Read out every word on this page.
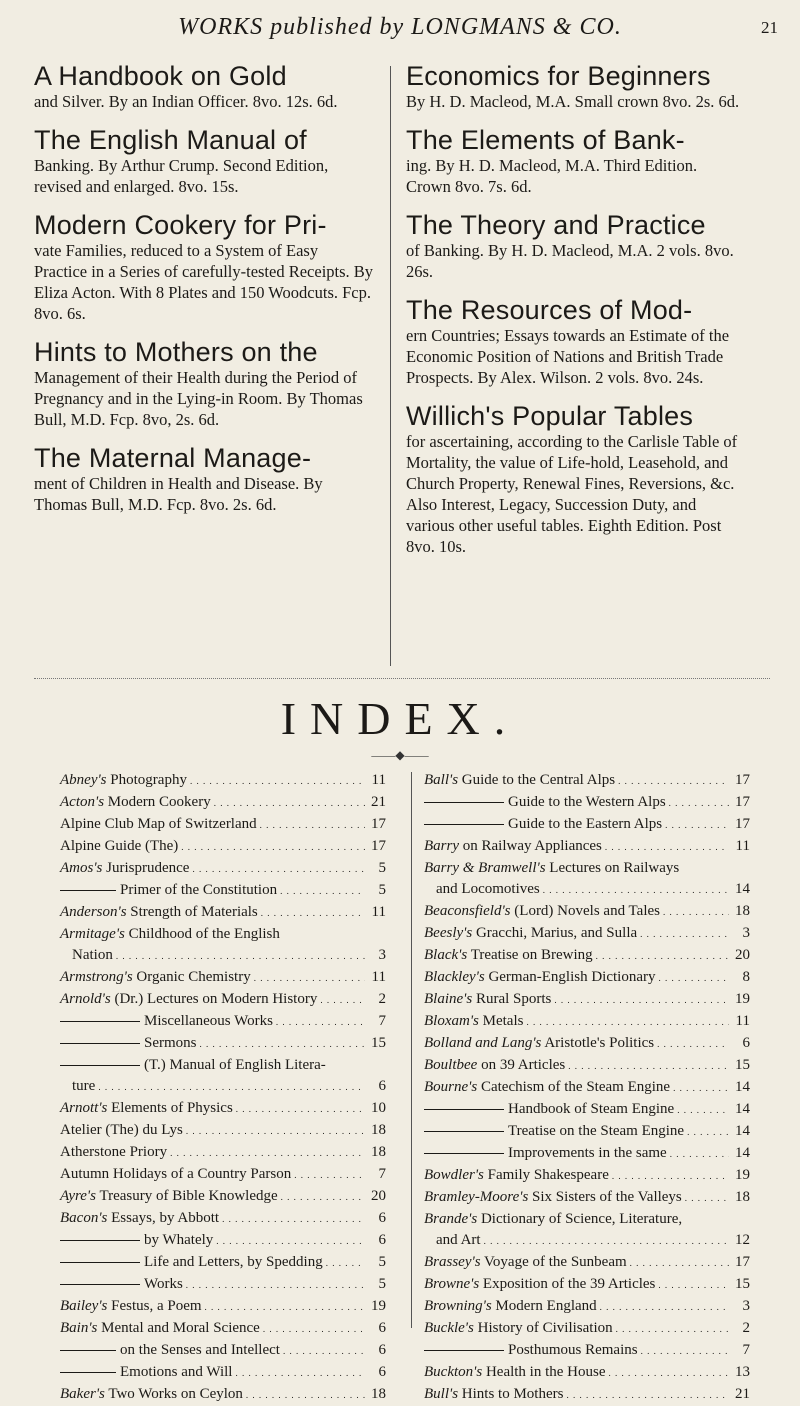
WORKS published by LONGMANS & CO.	21
A Handbook on Gold
and Silver. By an Indian Officer. 8vo. 12s. 6d.
The English Manual of
Banking. By Arthur Crump. Second Edition, revised and enlarged. 8vo. 15s.
Modern Cookery for Pri-
vate Families, reduced to a System of Easy Practice in a Series of carefully-tested Receipts. By Eliza Acton. With 8 Plates and 150 Woodcuts. Fcp. 8vo. 6s.
Hints to Mothers on the
Management of their Health during the Period of Pregnancy and in the Lying-in Room. By Thomas Bull, M.D. Fcp. 8vo, 2s. 6d.
The Maternal Manage-
ment of Children in Health and Disease. By Thomas Bull, M.D. Fcp. 8vo. 2s. 6d.
Economics for Beginners
By H. D. Macleod, M.A. Small crown 8vo. 2s. 6d.
The Elements of Bank-
ing. By H. D. Macleod, M.A. Third Edition. Crown 8vo. 7s. 6d.
The Theory and Practice
of Banking. By H. D. Macleod, M.A. 2 vols. 8vo. 26s.
The Resources of Mod-
ern Countries; Essays towards an Estimate of the Economic Position of Nations and British Trade Prospects. By Alex. Wilson. 2 vols. 8vo. 24s.
Willich's Popular Tables
for ascertaining, according to the Carlisle Table of Mortality, the value of Life-hold, Leasehold, and Church Property, Renewal Fines, Reversions, &c. Also Interest, Legacy, Succession Duty, and various other useful tables. Eighth Edition. Post 8vo. 10s.
INDEX.
——◆——
Abney's Photography . . .	11
Acton's Modern Cookery . . .	21
Alpine Club Map of Switzerland . . .	17
Alpine Guide (The) . . .	17
Amos's Jurisprudence . . .	5
Primer of the Constitution . . .	5
Anderson's Strength of Materials . . .	11
Armitage's Childhood of the English
Nation . . .	3
Armstrong's Organic Chemistry . . .	11
Arnold's (Dr.) Lectures on Modern History . . .	2
Miscellaneous Works . . .	7
Sermons . . .	15
(T.) Manual of English Litera-
ture . . .	6
Arnott's Elements of Physics . . .	10
Atelier (The) du Lys . . .	18
Atherstone Priory . . .	18
Autumn Holidays of a Country Parson . . .	7
Ayre's Treasury of Bible Knowledge . . .	20
Bacon's Essays, by Abbott . . .	6
by Whately . . .	6
Life and Letters, by Spedding . . .	5
Works . . .	5
Bailey's Festus, a Poem . . .	19
Bain's Mental and Moral Science . . .	6
on the Senses and Intellect . . .	6
Emotions and Will . . .	6
Baker's Two Works on Ceylon . . .	18
Ball's Guide to the Central Alps . . .	17
Guide to the Western Alps . . .	17
Guide to the Eastern Alps . . .	17
Barry on Railway Appliances . . .	11
Barry & Bramwell's Lectures on Railways
and Locomotives . . .	14
Beaconsfield's (Lord) Novels and Tales . . .	18
Beesly's Gracchi, Marius, and Sulla . . .	3
Black's Treatise on Brewing . . .	20
Blackley's German-English Dictionary . . .	8
Blaine's Rural Sports . . .	19
Bloxam's Metals . . .	11
Bolland and Lang's Aristotle's Politics . . .	6
Boultbee on 39 Articles . . .	15
Bourne's Catechism of the Steam Engine . . .	14
Handbook of Steam Engine . . .	14
Treatise on the Steam Engine . . .	14
Improvements in the same . . .	14
Bowdler's Family Shakespeare . . .	19
Bramley-Moore's Six Sisters of the Valleys . . .	18
Brande's Dictionary of Science, Literature,
and Art . . .	12
Brassey's Voyage of the Sunbeam . . .	17
Browne's Exposition of the 39 Articles . . .	15
Browning's Modern England . . .	3
Buckle's History of Civilisation . . .	2
Posthumous Remains . . .	7
Buckton's Health in the House . . .	13
Bull's Hints to Mothers . . .	21
